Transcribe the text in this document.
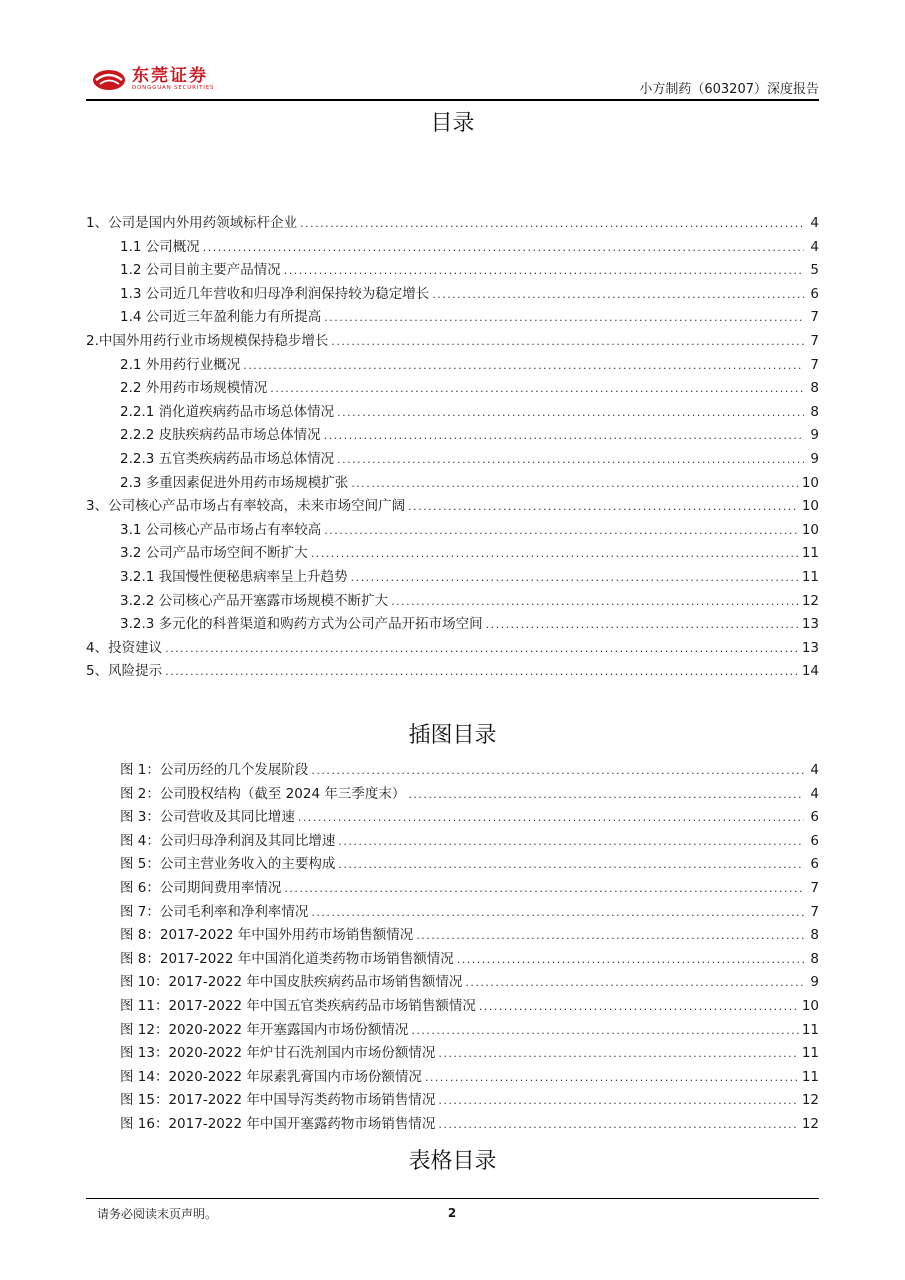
东莞证券
DONGGUAN SECURITIES	小方制药（603207）深度报告
目录
1、公司是国内外用药领域标杆企业 .....	4
1.1 公司概况 .....	4
1.2 公司目前主要产品情况 .....	5
1.3 公司近几年营收和归母净利润保持较为稳定增长 .....	6
1.4 公司近三年盈利能力有所提高 .....	7
2.中国外用药行业市场规模保持稳步增长 .....	7
2.1 外用药行业概况 .....	7
2.2 外用药市场规模情况 .....	8
2.2.1 消化道疾病药品市场总体情况 .....	8
2.2.2 皮肤疾病药品市场总体情况 .....	9
2.2.3 五官类疾病药品市场总体情况 .....	9
2.3 多重因素促进外用药市场规模扩张 .....	10
3、公司核心产品市场占有率较高，未来市场空间广阔 .....	10
3.1 公司核心产品市场占有率较高 .....	10
3.2 公司产品市场空间不断扩大 .....	11
3.2.1 我国慢性便秘患病率呈上升趋势 .....	11
3.2.2 公司核心产品开塞露市场规模不断扩大 .....	12
3.2.3 多元化的科普渠道和购药方式为公司产品开拓市场空间 .....	13
4、投资建议 .....	13
5、风险提示 .....	14
插图目录
图 1：公司历经的几个发展阶段 .....	4
图 2：公司股权结构（截至 2024 年三季度末） .....	4
图 3：公司营收及其同比增速 .....	6
图 4：公司归母净利润及其同比增速 .....	6
图 5：公司主营业务收入的主要构成 .....	6
图 6：公司期间费用率情况 .....	7
图 7：公司毛利率和净利率情况 .....	7
图 8：2017-2022 年中国外用药市场销售额情况 .....	8
图 8：2017-2022 年中国消化道类药物市场销售额情况 .....	8
图 10：2017-2022 年中国皮肤疾病药品市场销售额情况 .....	9
图 11：2017-2022 年中国五官类疾病药品市场销售额情况 .....	10
图 12：2020-2022 年开塞露国内市场份额情况 .....	11
图 13：2020-2022 年炉甘石洗剂国内市场份额情况 .....	11
图 14：2020-2022 年尿素乳膏国内市场份额情况 .....	11
图 15：2017-2022 年中国导泻类药物市场销售情况 .....	12
图 16：2017-2022 年中国开塞露药物市场销售情况 .....	12
表格目录
请务必阅读末页声明。	2
